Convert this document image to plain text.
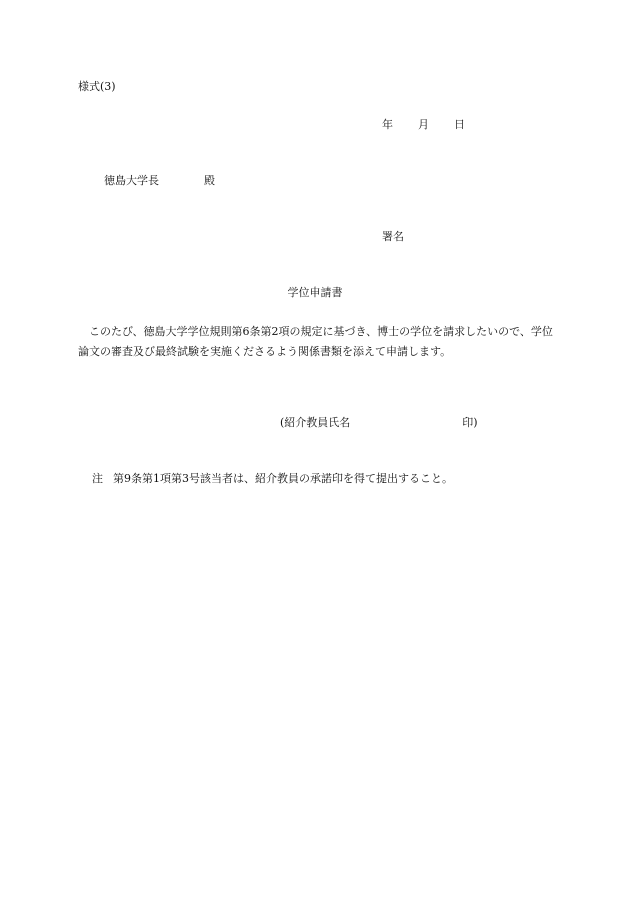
様式(3)
年 月 日
徳島大学長	殿
署名
学位申請書
このたび、徳島大学学位規則第6条第2項の規定に基づき、博士の学位を請求したいので、学位論文の審査及び最終試験を実施くださるよう関係書類を添えて申請します。
(紹介教員氏名	印)
注 第9条第1項第3号該当者は、紹介教員の承諾印を得て提出すること。
